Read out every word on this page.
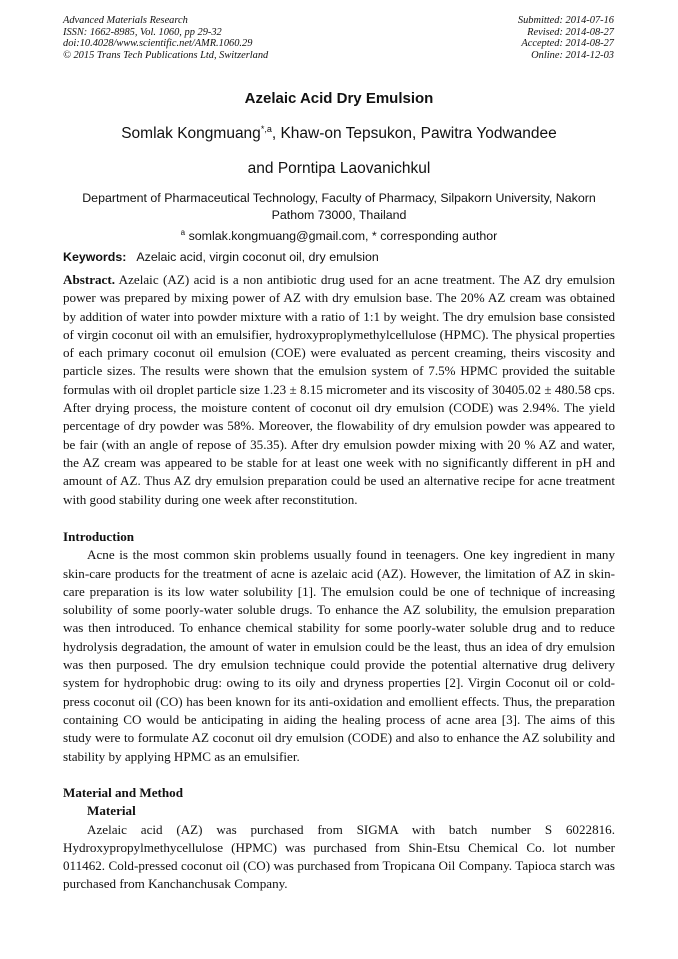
Advanced Materials Research
ISSN: 1662-8985, Vol. 1060, pp 29-32
doi:10.4028/www.scientific.net/AMR.1060.29
© 2015 Trans Tech Publications Ltd, Switzerland
Submitted: 2014-07-16
Revised: 2014-08-27
Accepted: 2014-08-27
Online: 2014-12-03
Azelaic Acid Dry Emulsion
Somlak Kongmuang$^{*,a}$, Khaw-on Tepsukon, Pawitra Yodwandee
and Porntipa Laovanichkul
Department of Pharmaceutical Technology, Faculty of Pharmacy, Silpakorn University, Nakorn Pathom 73000, Thailand
$^a$ somlak.kongmuang@gmail.com, * corresponding author
Keywords: Azelaic acid, virgin coconut oil, dry emulsion

Abstract. Azelaic (AZ) acid is a non antibiotic drug used for an acne treatment. The AZ dry emulsion power was prepared by mixing power of AZ with dry emulsion base. The 20% AZ cream was obtained by addition of water into powder mixture with a ratio of 1:1 by weight. The dry emulsion base consisted of virgin coconut oil with an emulsifier, hydroxyproplymethylcellulose (HPMC). The physical properties of each primary coconut oil emulsion (COE) were evaluated as percent creaming, theirs viscosity and particle sizes. The results were shown that the emulsion system of 7.5% HPMC provided the suitable formulas with oil droplet particle size 1.23 ± 8.15 micrometer and its viscosity of 30405.02 ± 480.58 cps. After drying process, the moisture content of coconut oil dry emulsion (CODE) was 2.94%. The yield percentage of dry powder was 58%. Moreover, the flowability of dry emulsion powder was appeared to be fair (with an angle of repose of 35.35). After dry emulsion powder mixing with 20 % AZ and water, the AZ cream was appeared to be stable for at least one week with no significantly different in pH and amount of AZ. Thus AZ dry emulsion preparation could be used an alternative recipe for acne treatment with good stability during one week after reconstitution.

Introduction

Acne is the most common skin problems usually found in teenagers. One key ingredient in many skin-care products for the treatment of acne is azelaic acid (AZ). However, the limitation of AZ in skin-care preparation is its low water solubility [1]. The emulsion could be one of technique of increasing solubility of some poorly-water soluble drugs. To enhance the AZ solubility, the emulsion preparation was then introduced. To enhance chemical stability for some poorly-water soluble drug and to reduce hydrolysis degradation, the amount of water in emulsion could be the least, thus an idea of dry emulsion was then purposed. The dry emulsion technique could provide the potential alternative drug delivery system for hydrophobic drug: owing to its oily and dryness properties [2]. Virgin Coconut oil or cold-press coconut oil (CO) has been known for its anti-oxidation and emollient effects. Thus, the preparation containing CO would be anticipating in aiding the healing process of acne area [3]. The aims of this study were to formulate AZ coconut oil dry emulsion (CODE) and also to enhance the AZ solubility and stability by applying HPMC as an emulsifier.

Material and Method
Material

Azelaic acid (AZ) was purchased from SIGMA with batch number S 6022816. Hydroxypropylmethycellulose (HPMC) was purchased from Shin-Etsu Chemical Co. lot number 011462. Cold-pressed coconut oil (CO) was purchased from Tropicana Oil Company. Tapioca starch was purchased from Kanchanchusak Company.
